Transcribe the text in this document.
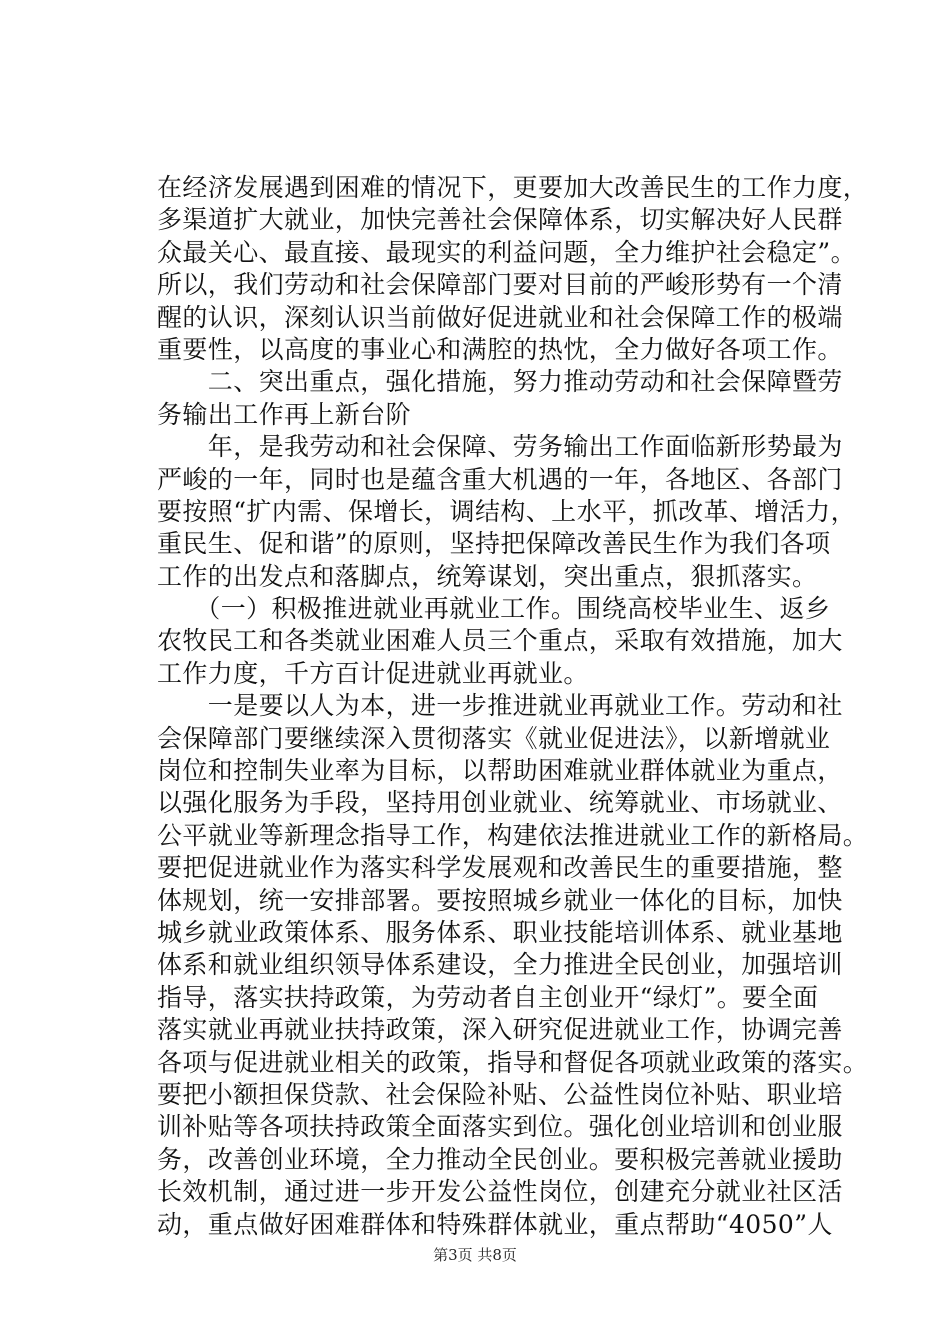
在经济发展遇到困难的情况下，更要加大改善民生的工作力度，
多渠道扩大就业，加快完善社会保障体系，切实解决好人民群
众最关心、最直接、最现实的利益问题，全力维护社会稳定”。
所以，我们劳动和社会保障部门要对目前的严峻形势有一个清
醒的认识，深刻认识当前做好促进就业和社会保障工作的极端
重要性，以高度的事业心和满腔的热忱，全力做好各项工作。
　　二、突出重点，强化措施，努力推动劳动和社会保障暨劳
务输出工作再上新台阶
　　年，是我劳动和社会保障、劳务输出工作面临新形势最为
严峻的一年，同时也是蕴含重大机遇的一年，各地区、各部门
要按照“扩内需、保增长，调结构、上水平，抓改革、增活力，
重民生、促和谐”的原则，坚持把保障改善民生作为我们各项
工作的出发点和落脚点，统筹谋划，突出重点，狠抓落实。
　　（一）积极推进就业再就业工作。围绕高校毕业生、返乡
农牧民工和各类就业困难人员三个重点，采取有效措施，加大
工作力度，千方百计促进就业再就业。
　　一是要以人为本，进一步推进就业再就业工作。劳动和社
会保障部门要继续深入贯彻落实《就业促进法》，以新增就业
岗位和控制失业率为目标，以帮助困难就业群体就业为重点，
以强化服务为手段，坚持用创业就业、统筹就业、市场就业、
公平就业等新理念指导工作，构建依法推进就业工作的新格局。
要把促进就业作为落实科学发展观和改善民生的重要措施，整
体规划，统一安排部署。要按照城乡就业一体化的目标，加快
城乡就业政策体系、服务体系、职业技能培训体系、就业基地
体系和就业组织领导体系建设，全力推进全民创业，加强培训
指导，落实扶持政策，为劳动者自主创业开“绿灯”。要全面
落实就业再就业扶持政策，深入研究促进就业工作，协调完善
各项与促进就业相关的政策，指导和督促各项就业政策的落实。
要把小额担保贷款、社会保险补贴、公益性岗位补贴、职业培
训补贴等各项扶持政策全面落实到位。强化创业培训和创业服
务，改善创业环境，全力推动全民创业。要积极完善就业援助
长效机制，通过进一步开发公益性岗位，创建充分就业社区活
动，重点做好困难群体和特殊群体就业，重点帮助“4050”人
第3页 共8页
